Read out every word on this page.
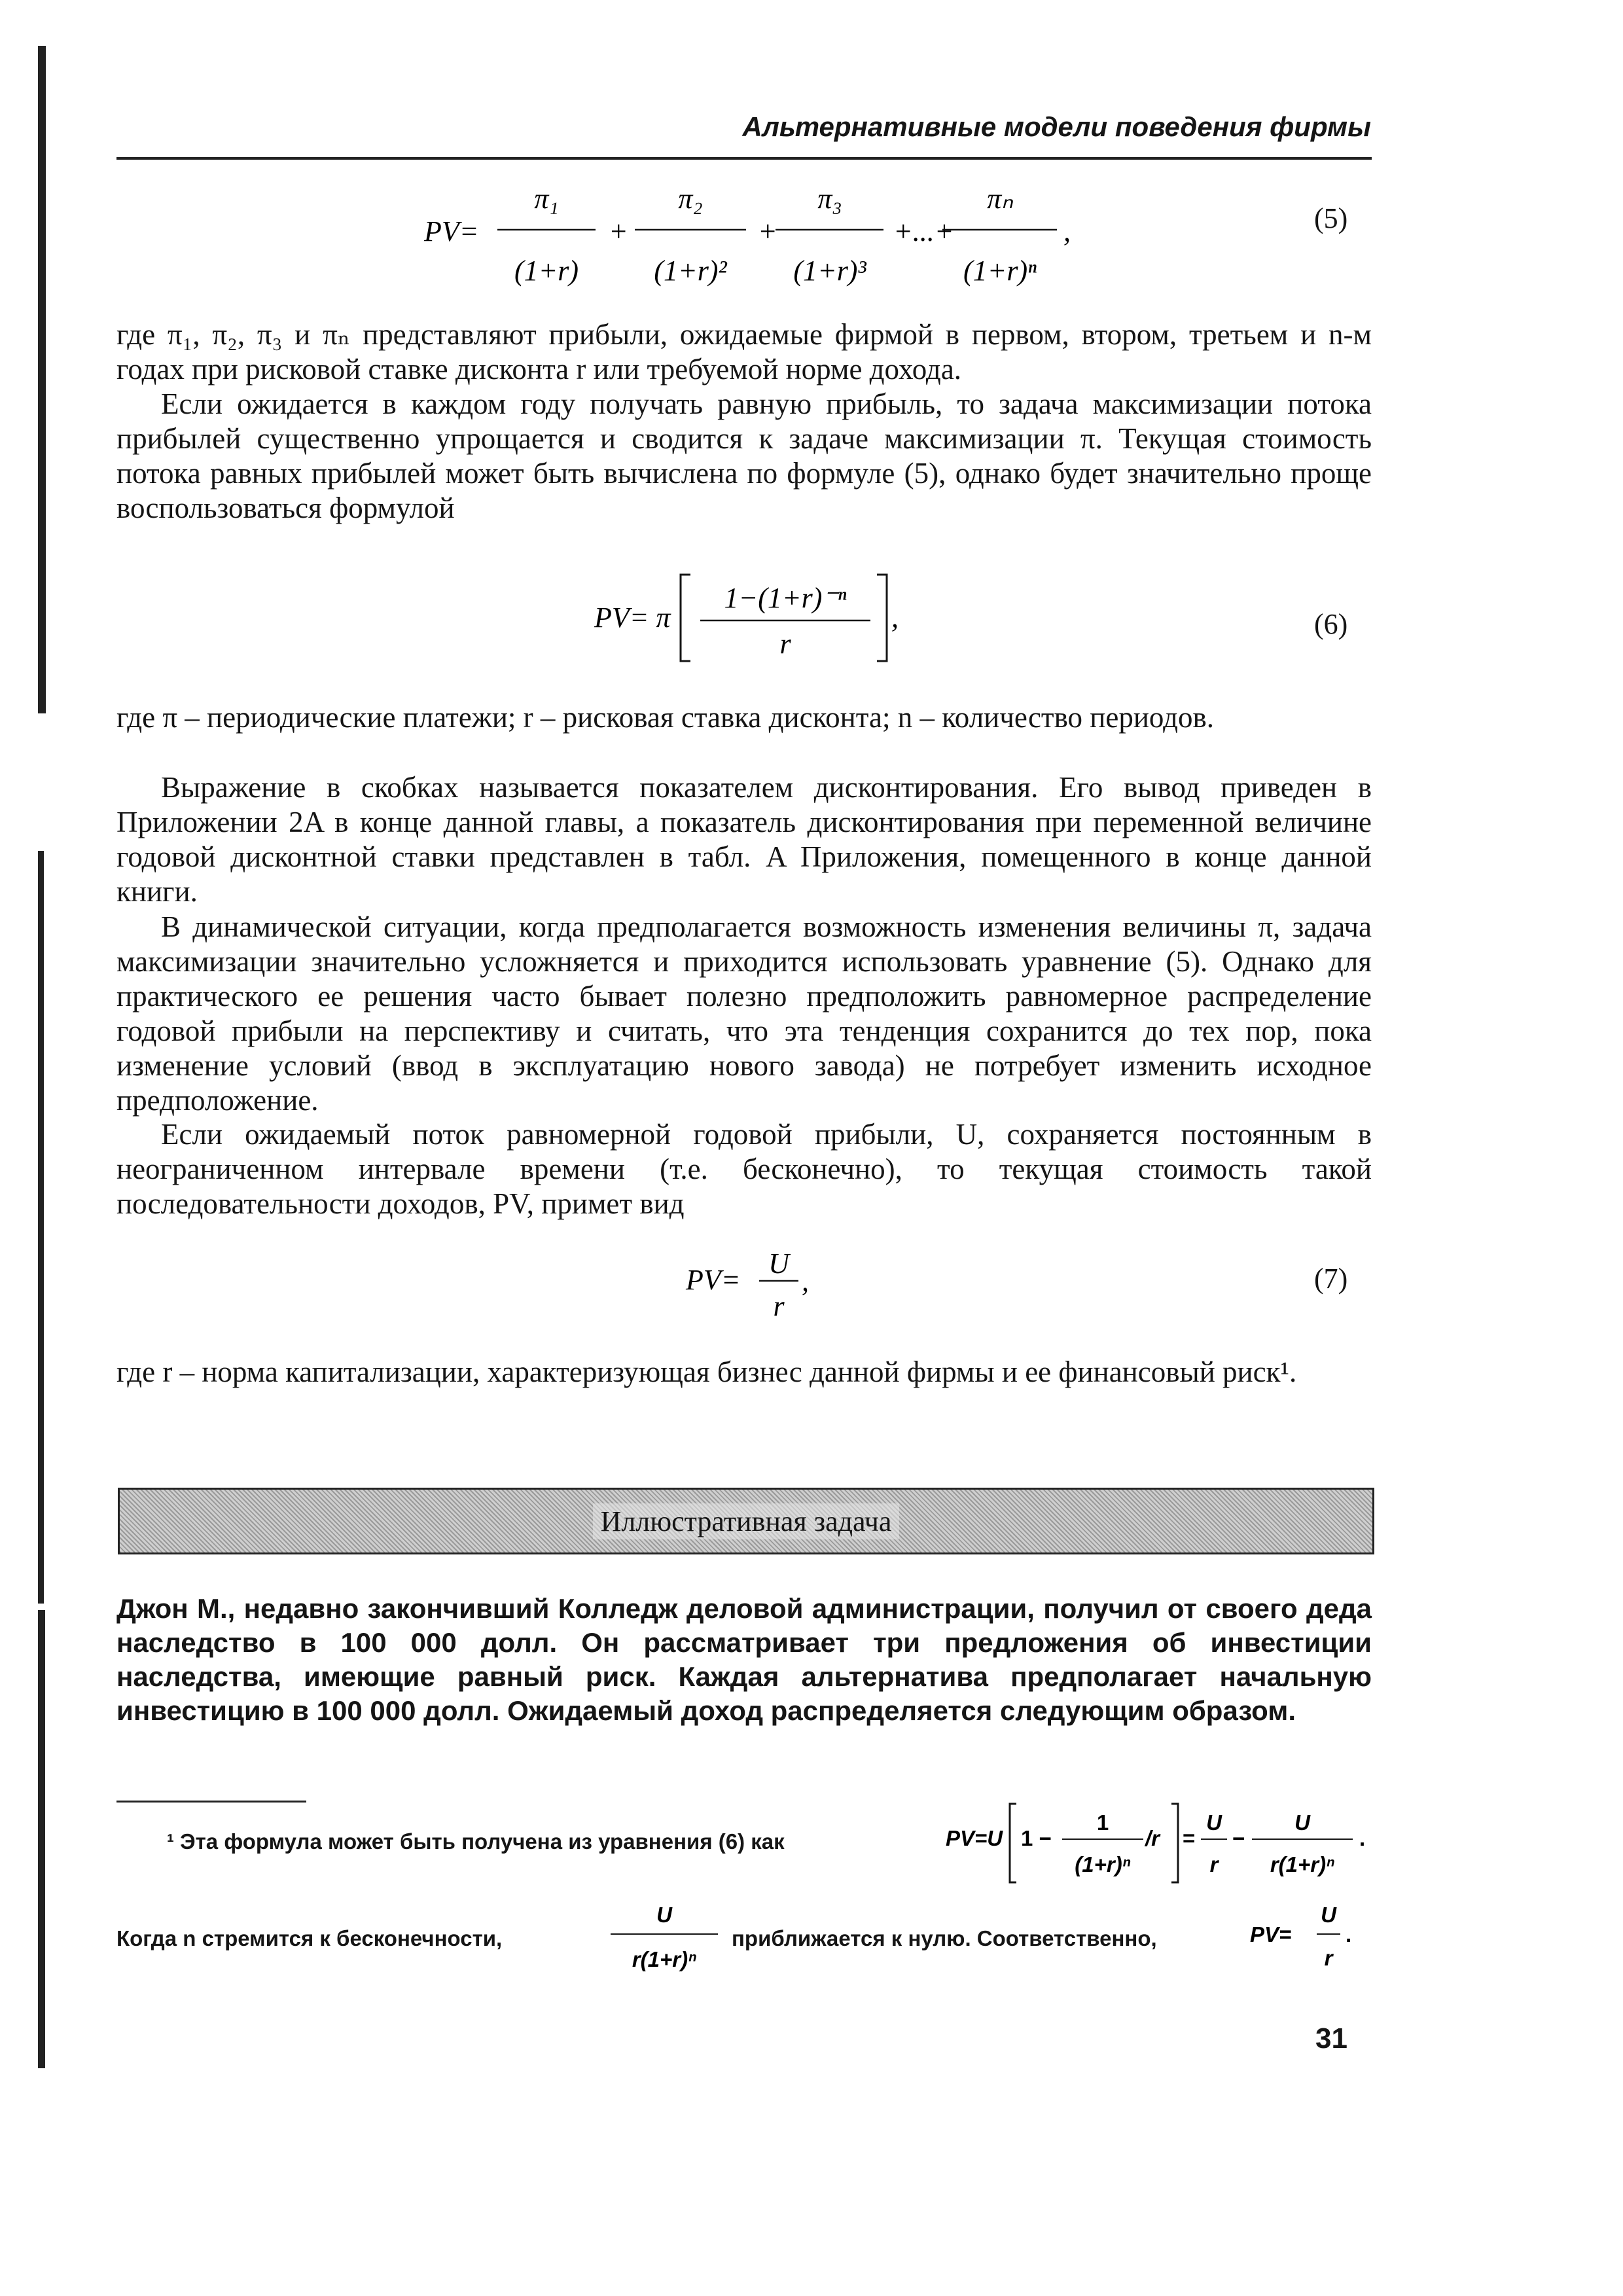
Альтернативные модели поведения фирмы
PV=
π₁
(1+r)
+
π₂
(1+r)²
+
π₃
(1+r)³
+...+
πₙ
(1+r)ⁿ
,	(5)

где π₁, π₂, π₃ и πₙ представляют прибыли, ожидаемые фирмой в первом, втором, третьем и n-м годах при рисковой ставке дисконта r или требуемой норме дохода.

Если ожидается в каждом году получать равную прибыль, то задача максимизации потока прибылей существенно упрощается и сводится к задаче максимизации π. Текущая стоимость потока равных прибылей может быть вычислена по формуле (5), однако будет значительно проще воспользоваться формулой

PV= π
1−(1+r)⁻ⁿ
r
,	(6)

где π – периодические платежи; r – рисковая ставка дисконта; n – количество периодов.

Выражение в скобках называется показателем дисконтирования. Его вывод приведен в Приложении 2A в конце данной главы, а показатель дисконтирования при переменной величине годовой дисконтной ставки представлен в табл. A Приложения, помещенного в конце данной книги.

В динамической ситуации, когда предполагается возможность изменения величины π, задача максимизации значительно усложняется и приходится использовать уравнение (5). Однако для практического ее решения часто бывает полезно предположить равномерное распределение годовой прибыли на перспективу и считать, что эта тенденция сохранится до тех пор, пока изменение условий (ввод в эксплуатацию нового завода) не потребует изменить исходное предположение.

Если ожидаемый поток равномерной годовой прибыли, U, сохраняется постоянным в неограниченном интервале времени (т.е. бесконечно), то текущая стоимость такой последовательности доходов, PV, примет вид

PV=
U
r
,	(7)

где r – норма капитализации, характеризующая бизнес данной фирмы и ее финансовый риск¹.

Иллюстративная задача

Джон М., недавно закончивший Колледж деловой администрации, получил от своего деда наследство в 100 000 долл. Он рассматривает три предложения об инвестиции наследства, имеющие равный риск. Каждая альтернатива предполагает начальную инвестицию в 100 000 долл. Ожидаемый доход распределяется следующим образом.

¹ Эта формула может быть получена из уравнения (6) как	PV=U 1 −
1
(1+r)ⁿ
/r =
U
r
−
U
r(1+r)ⁿ
.
Когда n стремится к бесконечности,
U
r(1+r)ⁿ
приближается к нулю. Соответственно,	PV=
U
r
.
31
